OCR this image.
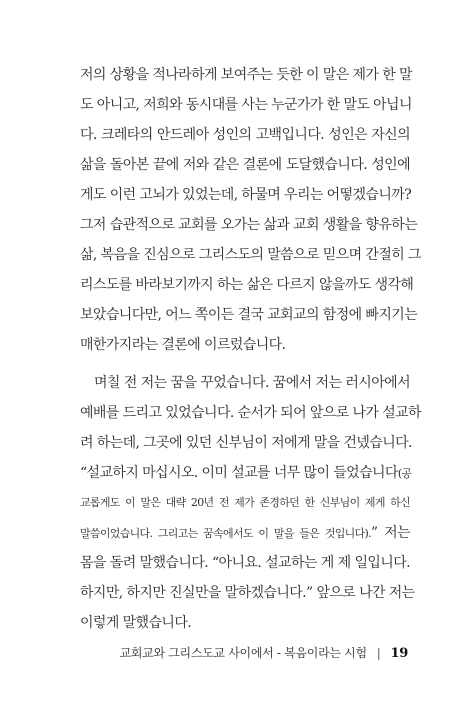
저의 상황을 적나라하게 보여주는 듯한 이 말은 제가 한 말
도 아니고, 저희와 동시대를 사는 누군가가 한 말도 아닙니
다. 크레타의 안드레아 성인의 고백입니다. 성인은 자신의
삶을 돌아본 끝에 저와 같은 결론에 도달했습니다. 성인에
게도 이런 고뇌가 있었는데, 하물며 우리는 어떻겠습니까?
그저 습관적으로 교회를 오가는 삶과 교회 생활을 향유하는
삶, 복음을 진심으로 그리스도의 말씀으로 믿으며 간절히 그
리스도를 바라보기까지 하는 삶은 다르지 않을까도 생각해
보았습니다만, 어느 쪽이든 결국 교회교의 함정에 빠지기는
매한가지라는 결론에 이르렀습니다.
며칠 전 저는 꿈을 꾸었습니다. 꿈에서 저는 러시아에서
예배를 드리고 있었습니다. 순서가 되어 앞으로 나가 설교하
려 하는데, 그곳에 있던 신부님이 저에게 말을 건넸습니다.
“설교하지 마십시오. 이미 설교를 너무 많이 들었습니다(공
교롭게도 이 말은 대략 20년 전 제가 존경하던 한 신부님이 제게 하신
말씀이었습니다. 그리고는 꿈속에서도 이 말을 들은 것입니다).” 저는
몸을 돌려 말했습니다. “아니요. 설교하는 게 제 일입니다.
하지만, 하지만 진실만을 말하겠습니다.” 앞으로 나간 저는
이렇게 말했습니다.
교회교와 그리스도교 사이에서 - 복음이라는 시험 | 19
